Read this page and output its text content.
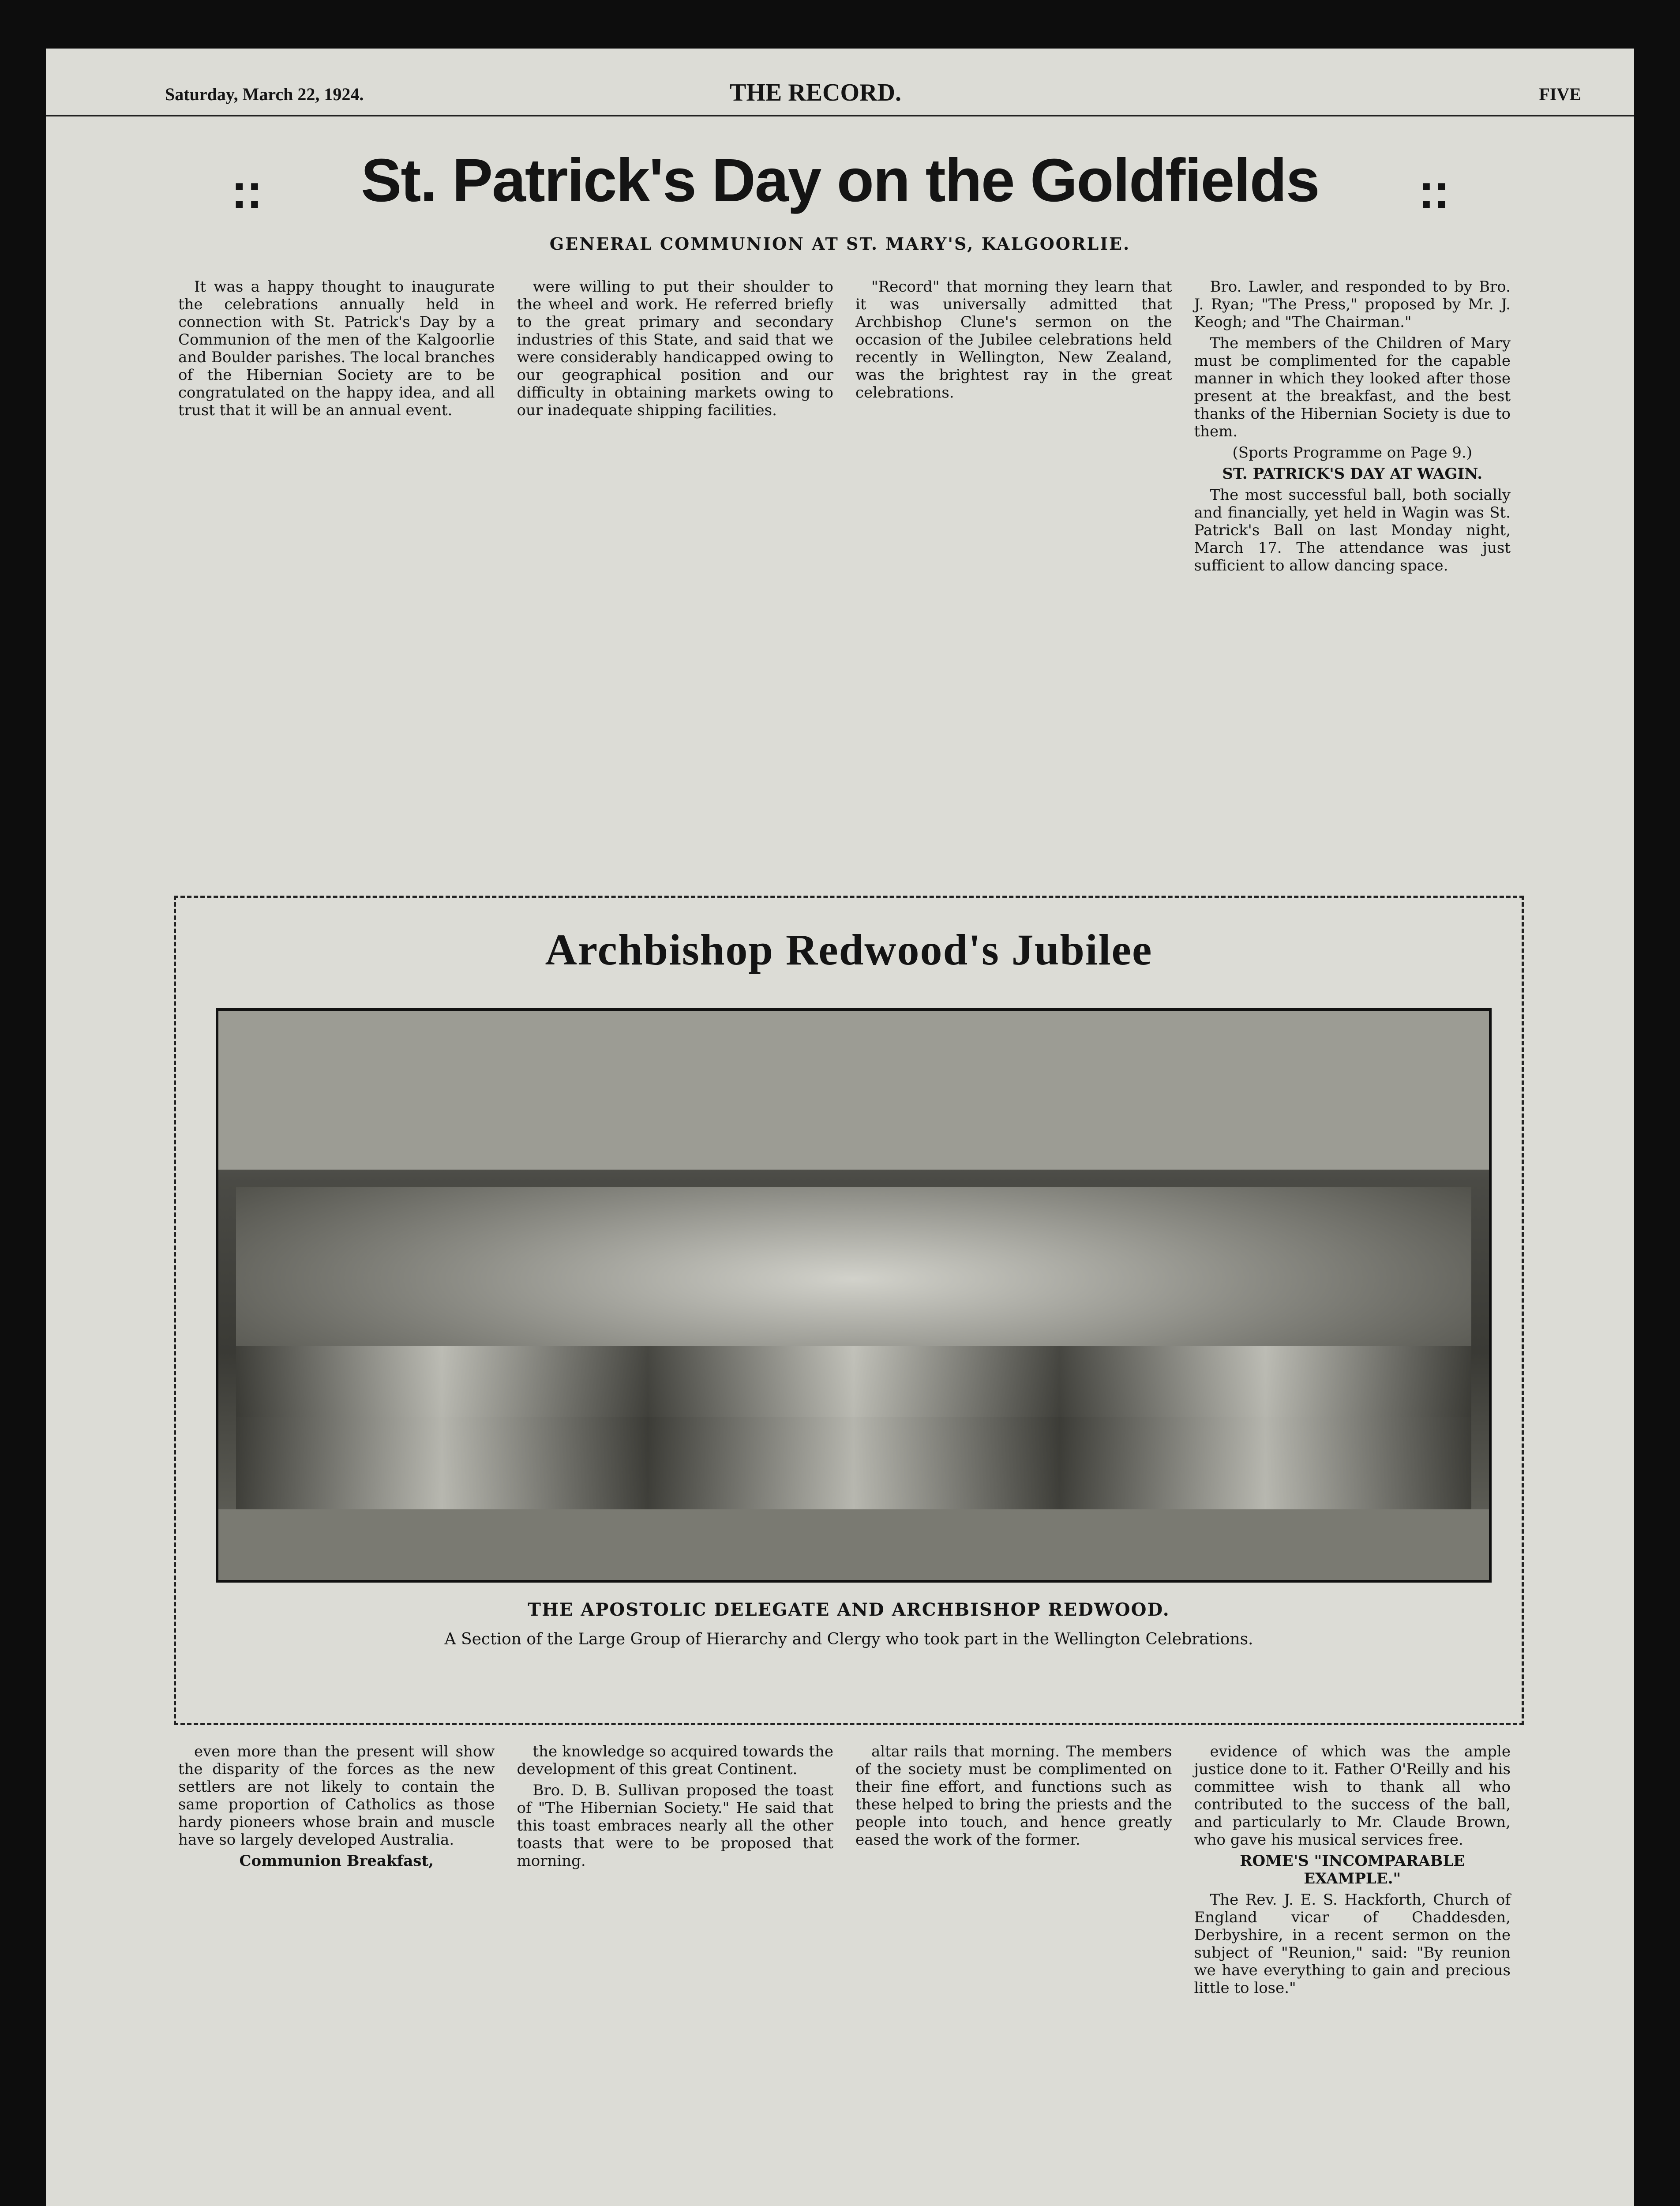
Saturday, March 22, 1924.	THE RECORD.	FIVE
:: St. Patrick's Day on the Goldfields ::
GENERAL COMMUNION AT ST. MARY'S, KALGOORLIE.

It was a happy thought to inaugurate the celebrations annually held in connection with St. Patrick's Day by a Communion of the men of the Kalgoorlie and Boulder parishes. The local branches of the Hibernian Society are to be congratulated on the happy idea, and all trust that it will be an annual event.

were willing to put their shoulder to the wheel and work. He referred briefly to the great primary and secondary industries of this State, and said that we were considerably handicapped owing to our geographical position and our difficulty in obtaining markets owing to our inadequate shipping facilities.

"Record" that morning they learn that it was universally admitted that Archbishop Clune's sermon on the occasion of the Jubilee celebrations held recently in Wellington, New Zealand, was the brightest ray in the great celebrations.

Bro. Lawler, and responded to by Bro. J. Ryan; "The Press," proposed by Mr. J. Keogh; and "The Chairman."

The members of the Children of Mary must be complimented for the capable manner in which they looked after those present at the breakfast, and the best thanks of the Hibernian Society is due to them.

(Sports Programme on Page 9.)

ST. PATRICK'S DAY AT WAGIN.

The most successful ball, both socially and financially, yet held in Wagin was St. Patrick's Ball on last Monday night, March 17. The attendance was just sufficient to allow dancing space.

Archbishop Redwood's Jubilee
THE APOSTOLIC DELEGATE AND ARCHBISHOP REDWOOD.
A Section of the Large Group of Hierarchy and Clergy who took part in the Wellington Celebrations.

even more than the present will show the disparity of the forces as the new settlers are not likely to contain the same proportion of Catholics as those hardy pioneers whose brain and muscle have so largely developed Australia.

Communion Breakfast,

the knowledge so acquired towards the development of this great Continent.

Bro. D. B. Sullivan proposed the toast of "The Hibernian Society." He said that this toast embraces nearly all the other toasts that were to be proposed that morning.

altar rails that morning. The members of the society must be complimented on their fine effort, and functions such as these helped to bring the priests and the people into touch, and hence greatly eased the work of the former.

evidence of which was the ample justice done to it. Father O'Reilly and his committee wish to thank all who contributed to the success of the ball, and particularly to Mr. Claude Brown, who gave his musical services free.

ROME'S "INCOMPARABLE EXAMPLE."

The Rev. J. E. S. Hackforth, Church of England vicar of Chaddesden, Derbyshire, in a recent sermon on the subject of "Reunion," said: "By reunion we have everything to gain and precious little to lose."
